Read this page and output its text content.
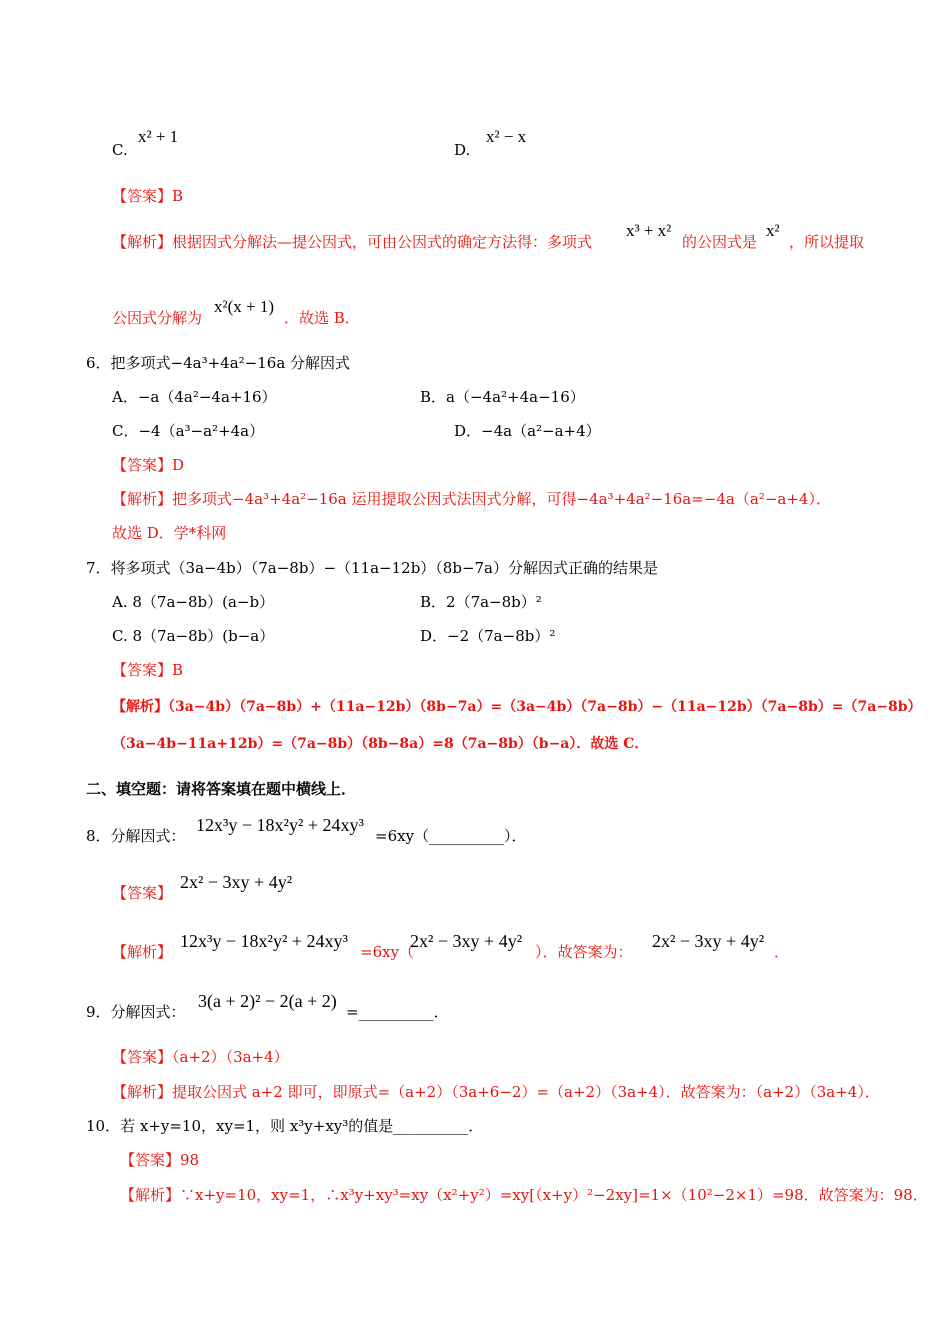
C.
x² + 1
D.
x² − x
【答案】B
【解析】根据因式分解法—提公因式，可由公因式的确定方法得：多项式
x³ + x²
的公因式是
x²
，所以提取
公因式分解为
x²(x + 1)
．故选 B．
6．把多项式−4a³+4a²−16a 分解因式
A．−a（4a²−4a+16）	B．a（−4a²+4a−16）
C．−4（a³−a²+4a）	D．−4a（a²−a+4）
【答案】D
【解析】把多项式−4a³+4a²−16a 运用提取公因式法因式分解，可得−4a³+4a²−16a=−4a（a²−a+4）．
故选 D．学*科网
7．将多项式（3a−4b）（7a−8b）−（11a−12b）（8b−7a）分解因式正确的结果是
A. 8（7a−8b）(a−b）	B．2（7a−8b）²
C. 8（7a−8b）(b−a）	D．−2（7a−8b）²
【答案】B
【解析】（3a−4b）（7a−8b）+（11a−12b）（8b−7a）=（3a−4b）（7a−8b）−（11a−12b）（7a−8b）=（7a−8b）
（3a−4b−11a+12b）=（7a−8b）（8b−8a）=8（7a−8b）（b−a）．故选 C．
二、填空题：请将答案填在题中横线上．
8．分解因式：
12x³y − 18x²y² + 24xy³
=6xy（__________）．
【答案】
2x² − 3xy + 4y²
【解析】
12x³y − 18x²y² + 24xy³
=6xy（
2x² − 3xy + 4y²
）．故答案为：
2x² − 3xy + 4y²
．
9．分解因式：
3(a + 2)² − 2(a + 2)
=__________．
【答案】（a+2）（3a+4）
【解析】提取公因式 a+2 即可，即原式=（a+2）（3a+6−2）=（a+2）（3a+4）．故答案为：（a+2）（3a+4）．
10．若 x+y=10，xy=1，则 x³y+xy³的值是__________．
【答案】98
【解析】∵x+y=10，xy=1，∴x³y+xy³=xy（x²+y²）=xy[（x+y）²−2xy]=1×（10²−2×1）=98．故答案为：98．
